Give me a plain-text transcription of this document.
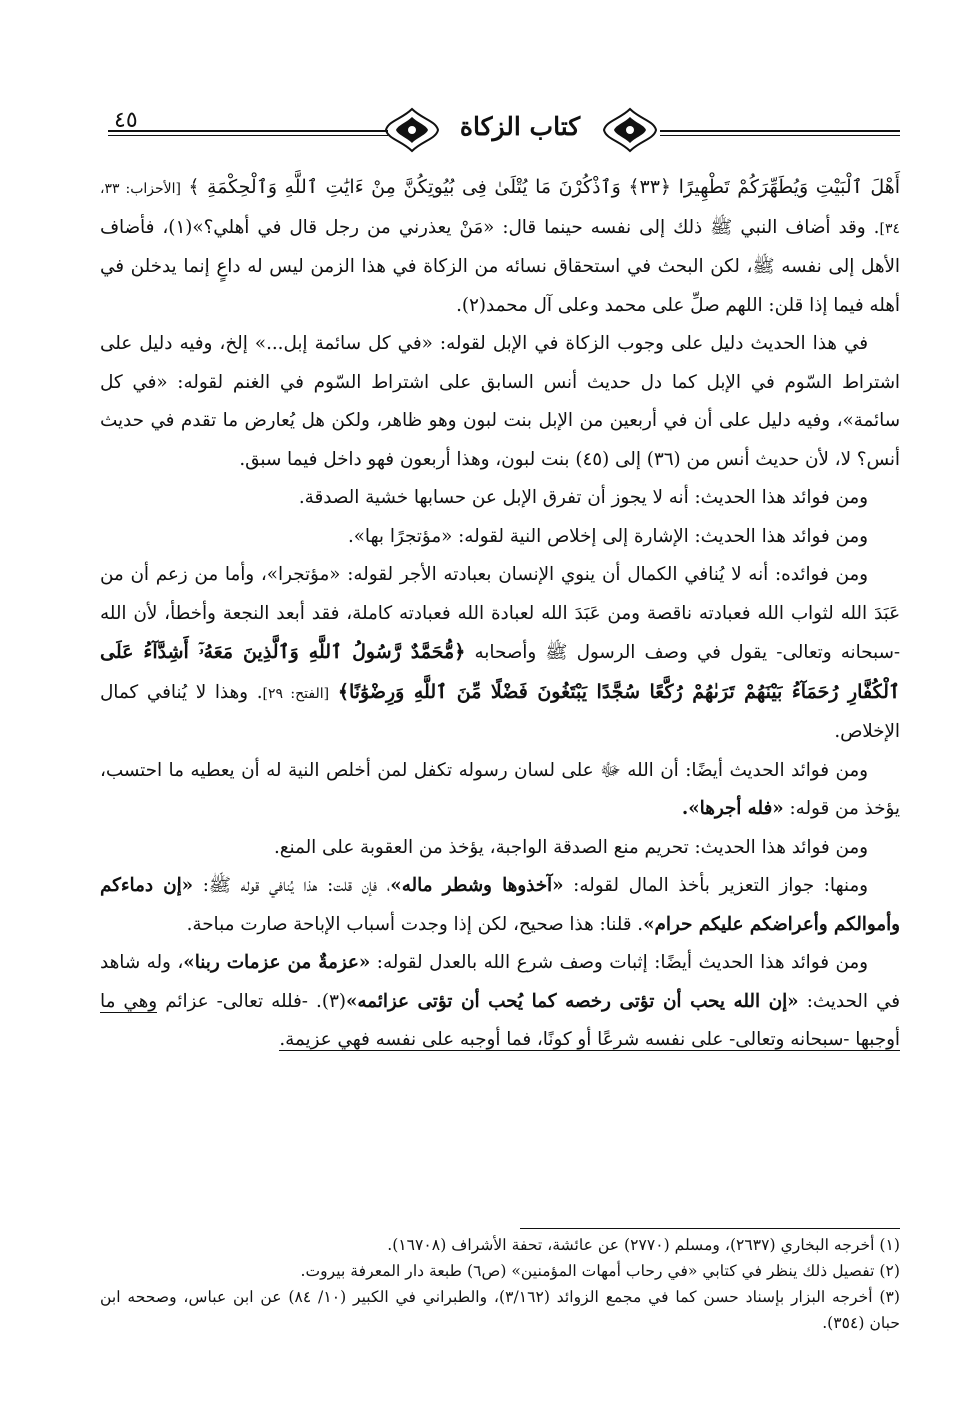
٤٥	كتاب الزكاة

أَهْلَ ٱلْبَيْتِ وَيُطَهِّرَكُمْ تَطْهِيرًا ﴿٣٣﴾ وَٱذْكُرْنَ مَا يُتْلَىٰ فِى بُيُوتِكُنَّ مِنْ ءَايَٰتِ ٱللَّهِ وَٱلْحِكْمَةِ ﴾ [الأحزاب: ٣٣، ٣٤]. وقد أضاف النبي ﷺ ذلك إلى نفسه حينما قال: «مَنْ يعذرني من رجل قال في أهلي؟»(١)، فأضاف الأهل إلى نفسه ﷺ، لكن البحث في استحقاق نسائه من الزكاة في هذا الزمن ليس له داعٍ إنما يدخلن في أهله فيما إذا قلن: اللهم صلِّ على محمد وعلى آل محمد(٢).

في هذا الحديث دليل على وجوب الزكاة في الإبل لقوله: «في كل سائمة إبل...» إلخ، وفيه دليل على اشتراط السّوم في الإبل كما دل حديث أنس السابق على اشتراط السّوم في الغنم لقوله: «في كل سائمة»، وفيه دليل على أن في أربعين من الإبل بنت لبون وهو ظاهر، ولكن هل يُعارض ما تقدم في حديث أنس؟ لا، لأن حديث أنس من (٣٦) إلى (٤٥) بنت لبون، وهذا أربعون فهو داخل فيما سبق.

ومن فوائد هذا الحديث: أنه لا يجوز أن تفرق الإبل عن حسابها خشية الصدقة.

ومن فوائد هذا الحديث: الإشارة إلى إخلاص النية لقوله: «مؤتجرًا بها».

ومن فوائده: أنه لا يُنافي الكمال أن ينوي الإنسان بعبادته الأجر لقوله: «مؤتجرا»، وأما من زعم أن من عَبَدَ الله لثواب الله فعبادته ناقصة ومن عَبَدَ الله لعبادة الله فعبادته كاملة، فقد أبعد النجعة وأخطأ، لأن الله -سبحانه وتعالى- يقول في وصف الرسول ﷺ وأصحابه ﴿مُّحَمَّدٌ رَّسُولُ ٱللَّهِ وَٱلَّذِينَ مَعَهُۥٓ أَشِدَّآءُ عَلَى ٱلْكُفَّارِ رُحَمَآءُ بَيْنَهُمْ تَرَىٰهُمْ رُكَّعًا سُجَّدًا يَبْتَغُونَ فَضْلًا مِّنَ ٱللَّهِ وَرِضْوَٰنًا﴾ [الفتح: ٢٩]. وهذا لا يُنافي كمال الإخلاص.

ومن فوائد الحديث أيضًا: أن الله ﷻ على لسان رسوله تكفل لمن أخلص النية له أن يعطيه ما احتسب، يؤخذ من قوله: «فله أجرها».

ومن فوائد هذا الحديث: تحريم منع الصدقة الواجبة، يؤخذ من العقوبة على المنع.

ومنها: جواز التعزير بأخذ المال لقوله: «آخذوها وشطر ماله»، فإن قلت: هذا يُنافي قوله ﷺ: «إن دماءكم وأموالكم وأعراضكم عليكم حرام». قلنا: هذا صحيح، لكن إذا وجدت أسباب الإباحة صارت مباحة.

ومن فوائد هذا الحديث أيضًا: إثبات وصف شرع الله بالعدل لقوله: «عزمةٌ من عزمات ربنا»، وله شاهد في الحديث: «إن الله يحب أن تؤتى رخصه كما يُحب أن تؤتى عزائمه»(٣). -فلله تعالى- عزائم وهي ما أوجبها -سبحانه وتعالى- على نفسه شرعًا أو كونًا، فما أوجبه على نفسه فهي عزيمة.

(١) أخرجه البخاري (٢٦٣٧)، ومسلم (٢٧٧٠) عن عائشة، تحفة الأشراف (١٦٧٠٨).

(٢) تفصيل ذلك ينظر في كتابي «في رحاب أمهات المؤمنين» (ص٦) طبعة دار المعرفة بيروت.

(٣) أخرجه البزار بإسناد حسن كما في مجمع الزوائد (٣/١٦٢)، والطبراني في الكبير (١٠/ ٨٤) عن ابن عباس، وصححه ابن حبان (٣٥٤).
